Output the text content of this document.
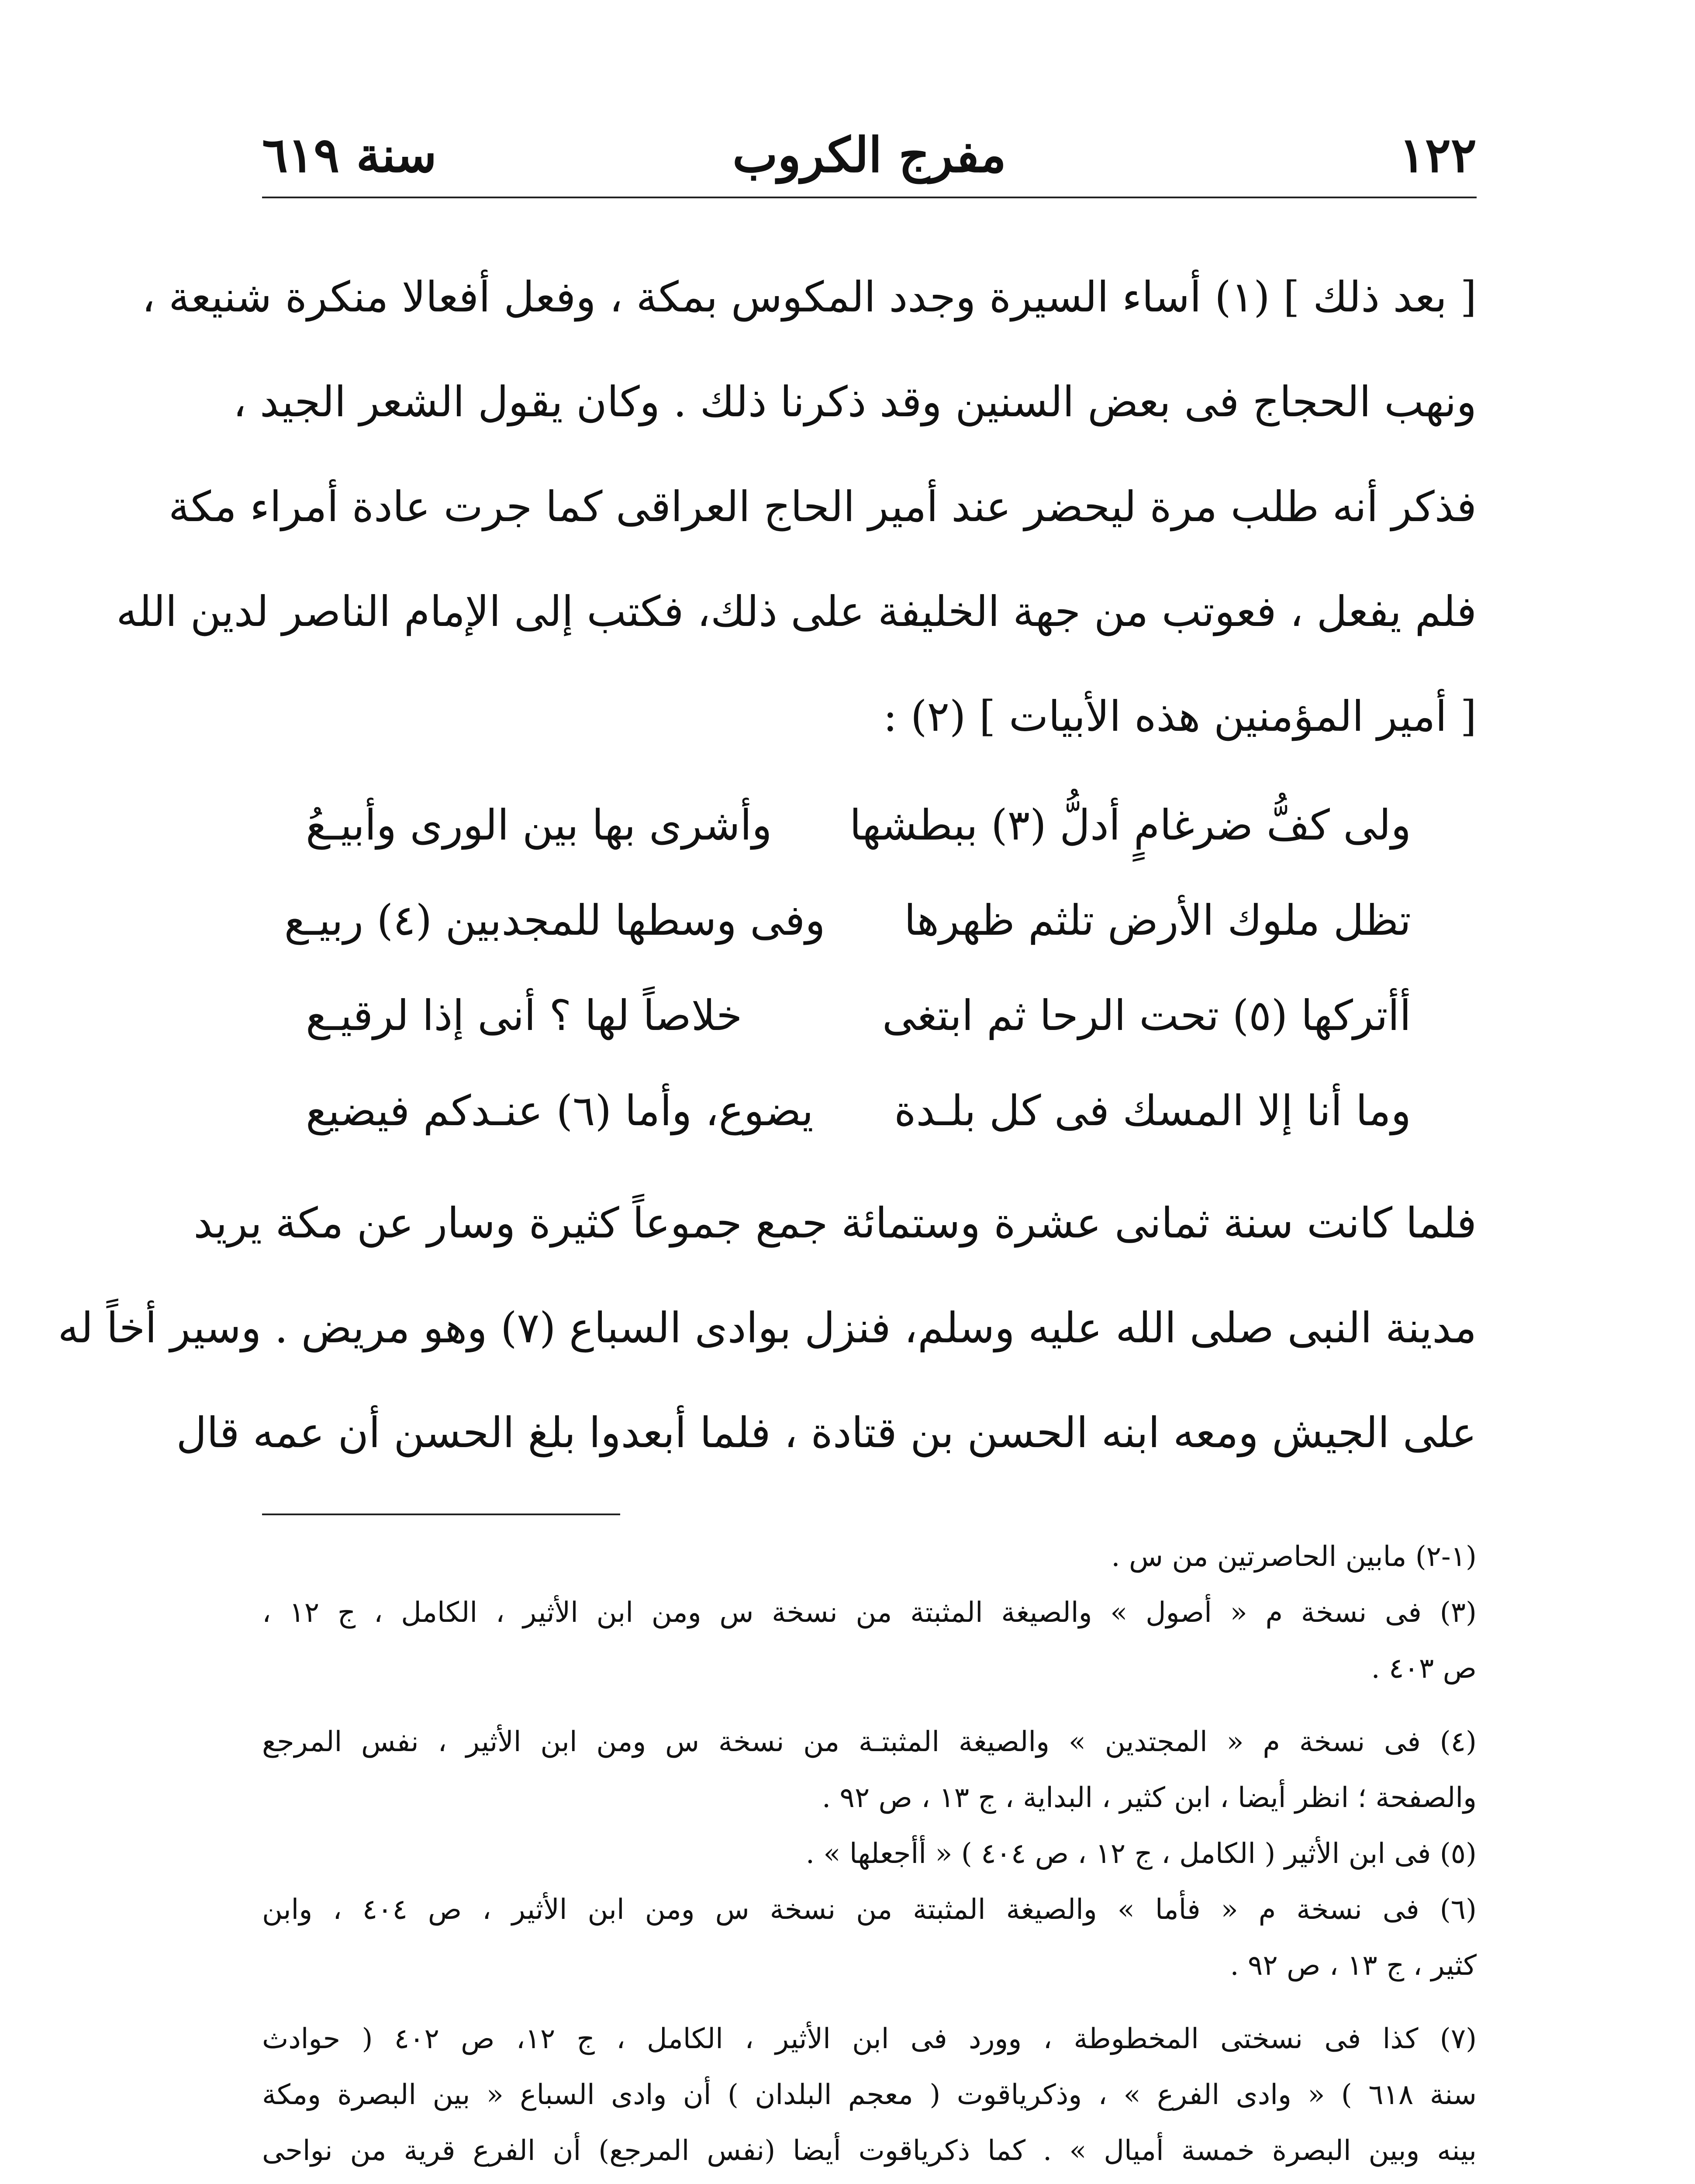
١٢٢
مفرج الكروب
سنة ٦١٩
[ بعد ذلك ] (١) أساء السيرة وجدد المكوس بمكة ، وفعل أفعالا منكرة شنيعة ،
ونهب الحجاج فى بعض السنين وقد ذكرنا ذلك . وكان يقول الشعر الجيد ،
فذكر أنه طلب مرة ليحضر عند أمير الحاج العراقى كما جرت عادة أمراء مكة
فلم يفعل ، فعوتب من جهة الخليفة على ذلك، فكتب إلى الإمام الناصر لدين الله
[ أمير المؤمنين هذه الأبيات ] (٢) :
ولى كفُّ ضرغامٍ أدلُّ (٣) ببطشها
وأشرى بها بين الورى وأبيـعُ
تظل ملوك الأرض تلثم ظهرها
وفى وسطها للمجدبين (٤) ربيـع
أأتركها (٥) تحت الرحا ثم ابتغى
خلاصاً لها ؟ أنى إذا لرقيـع
وما أنا إلا المسك فى كل بلـدة
يضوع، وأما (٦) عنـدكم فيضيع
فلما كانت سنة ثمانى عشرة وستمائة جمع جموعاً كثيرة وسار عن مكة يريد
مدينة النبى صلى الله عليه وسلم، فنزل بوادى السباع (٧) وهو مريض . وسير أخاً له
على الجيش ومعه ابنه الحسن بن قتادة ، فلما أبعدوا بلغ الحسن أن عمه قال
(١-٢) مابين الحاصرتين من س .
(٣) فى نسخة م « أصول » والصيغة المثبتة من نسخة س ومن ابن الأثير ، الكامل ، ج ١٢ ،
ص ٤٠٣ .
(٤) فى نسخة م « المجتدين » والصيغة المثبتـة من نسخة س ومن ابن الأثير ، نفس المرجع
والصفحة ؛ انظر أيضا ، ابن كثير ، البداية ، ج ١٣ ، ص ٩٢ .
(٥) فى ابن الأثير ( الكامل ، ج ١٢ ، ص ٤٠٤ ) « أأجعلها » .
(٦) فى نسخة م « فأما » والصيغة المثبتة من نسخة س ومن ابن الأثير ، ص ٤٠٤ ، وابن
كثير ، ج ١٣ ، ص ٩٢ .
(٧) كذا فى نسختى المخطوطة ، وورد فى ابن الأثير ، الكامل ، ج ١٢، ص ٤٠٢ ( حوادث
سنة ٦١٨ ) « وادى الفرع » ، وذكرياقوت ( معجم البلدان ) أن وادى السباع « بين البصرة ومكة
بينه وبين البصرة خمسة أميال » . كما ذكرياقوت أيضا (نفس المرجع) أن الفرع قرية من نواحى
